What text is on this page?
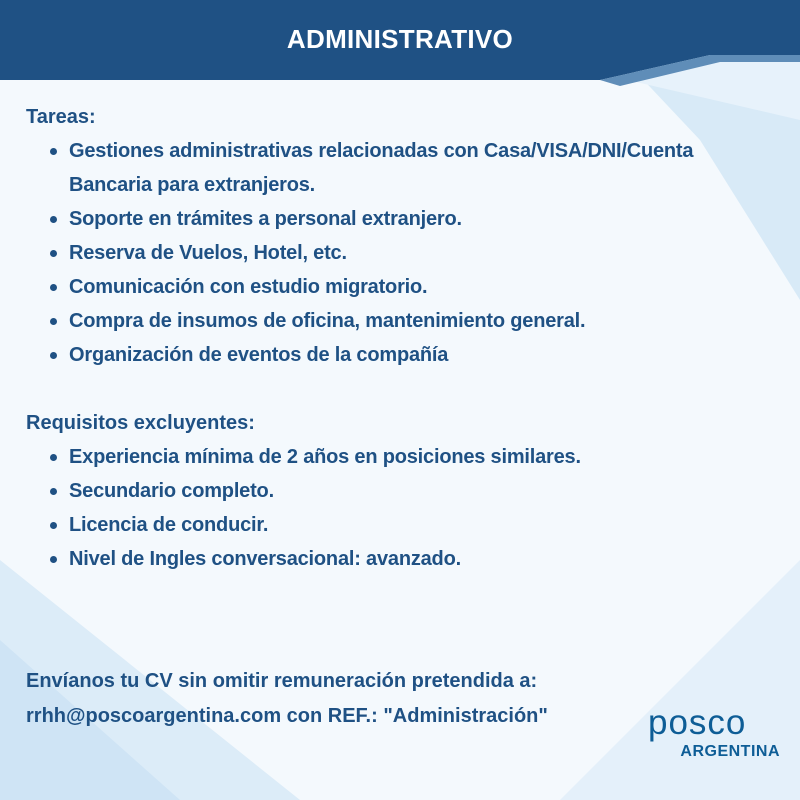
ADMINISTRATIVO

Tareas:

Gestiones administrativas relacionadas con Casa/VISA/DNI/Cuenta Bancaria para extranjeros.
Soporte en trámites a personal extranjero.
Reserva de Vuelos, Hotel, etc.
Comunicación con estudio migratorio.
Compra de insumos de oficina, mantenimiento general.
Organización de eventos de la compañía

Requisitos excluyentes:

Experiencia mínima de 2 años en posiciones similares.
Secundario completo.
Licencia de conducir.
Nivel de Ingles conversacional: avanzado.
Envíanos tu CV sin omitir remuneración pretendida a:
rrhh@poscoargentina.com con REF.: "Administración"	posco
ARGENTINA
